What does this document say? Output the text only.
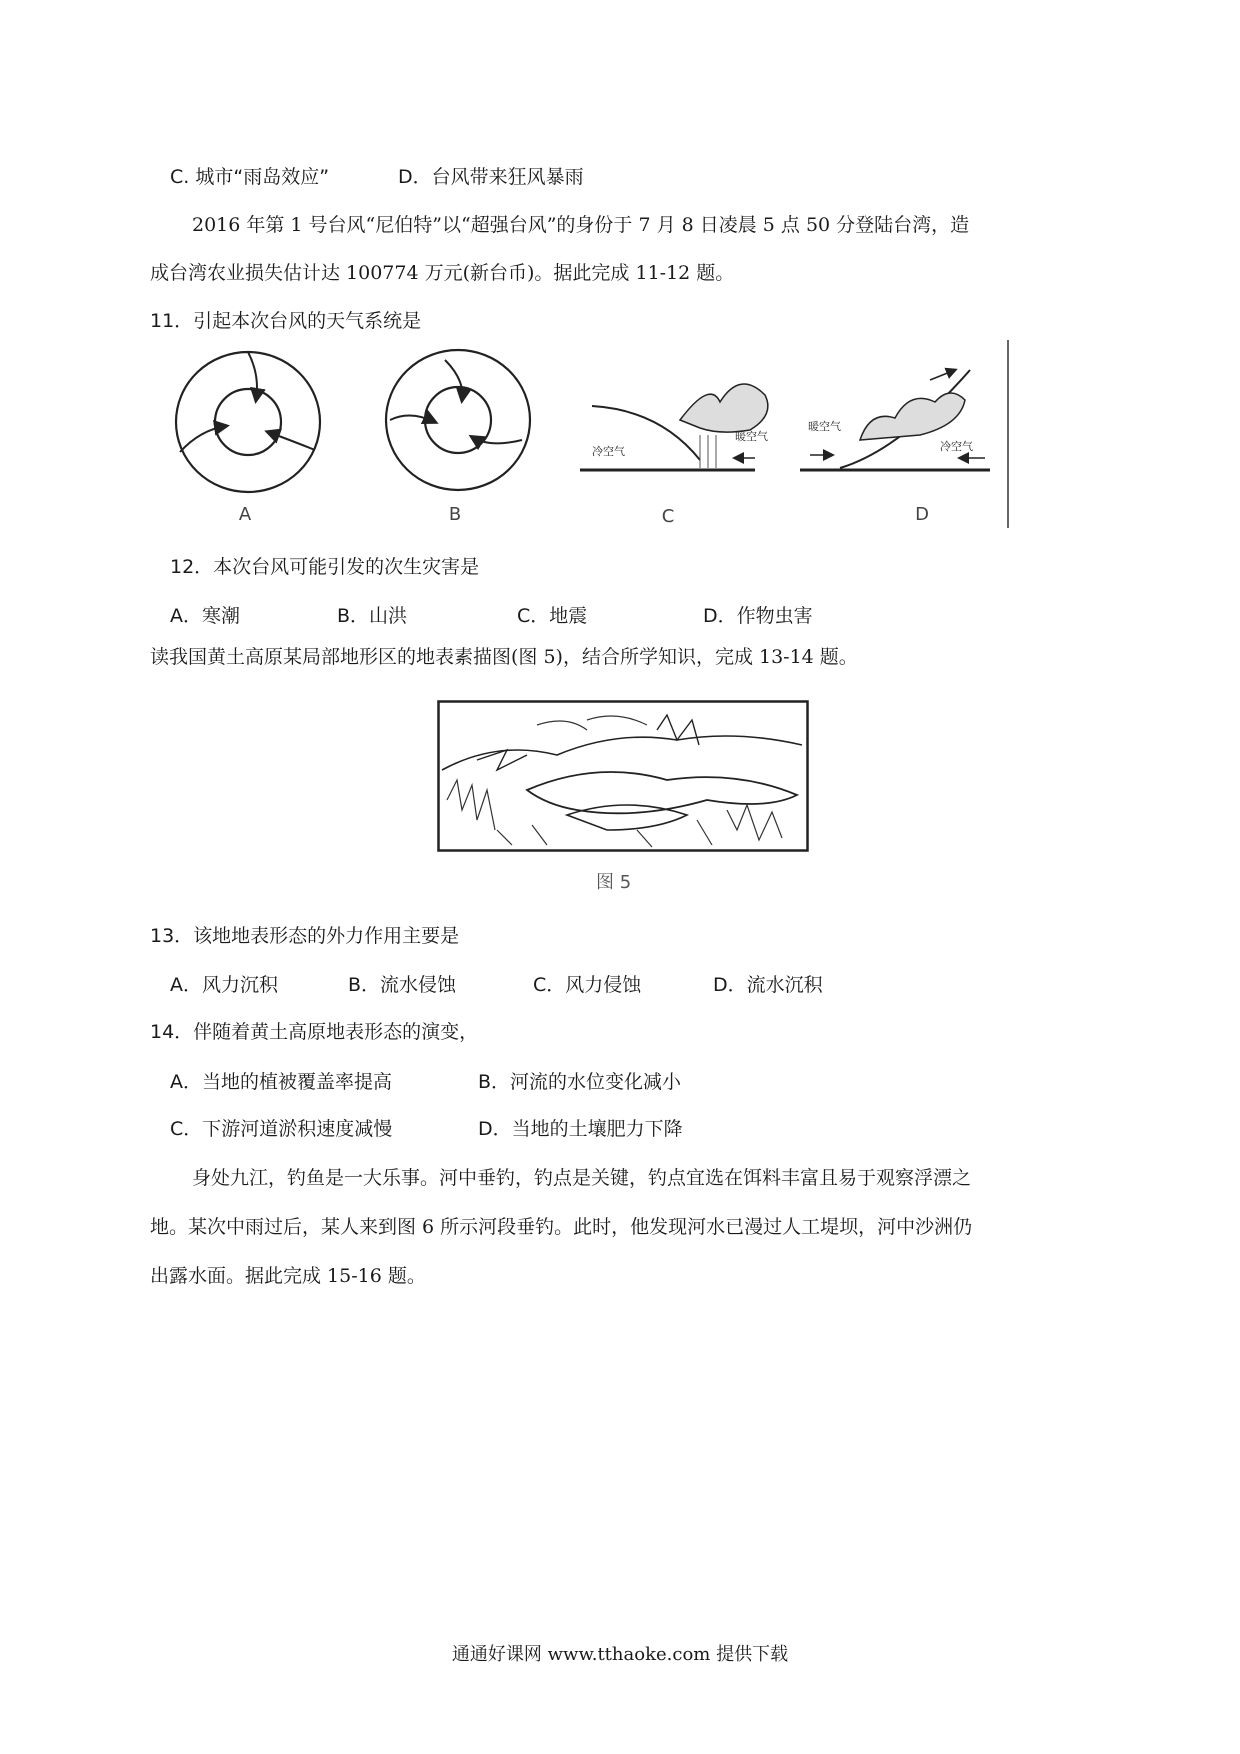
C. 城市“雨岛效应”	D．台风带来狂风暴雨
2016 年第 1 号台风“尼伯特”以“超强台风”的身份于 7 月 8 日凌晨 5 点 50 分登陆台湾，造
成台湾农业损失估计达 100774 万元(新台币)。据此完成 11-12 题。
11．引起本次台风的天气系统是
A	B
冷空气
暖空气
C
暖空气
冷空气
D
12．本次台风可能引发的次生灾害是
A．寒潮	B．山洪	C．地震	D．作物虫害
读我国黄土高原某局部地形区的地表素描图(图 5)，结合所学知识，完成 13-14 题。
图 5
13．该地地表形态的外力作用主要是
A．风力沉积	B．流水侵蚀	C．风力侵蚀	D．流水沉积
14．伴随着黄土高原地表形态的演变，
A．当地的植被覆盖率提高	B．河流的水位变化减小
C．下游河道淤积速度减慢	D．当地的土壤肥力下降
身处九江，钓鱼是一大乐事。河中垂钓，钓点是关键，钓点宜选在饵料丰富且易于观察浮漂之
地。某次中雨过后，某人来到图 6 所示河段垂钓。此时，他发现河水已漫过人工堤坝，河中沙洲仍
出露水面。据此完成 15-16 题。
通通好课网 www.tthaoke.com 提供下载
